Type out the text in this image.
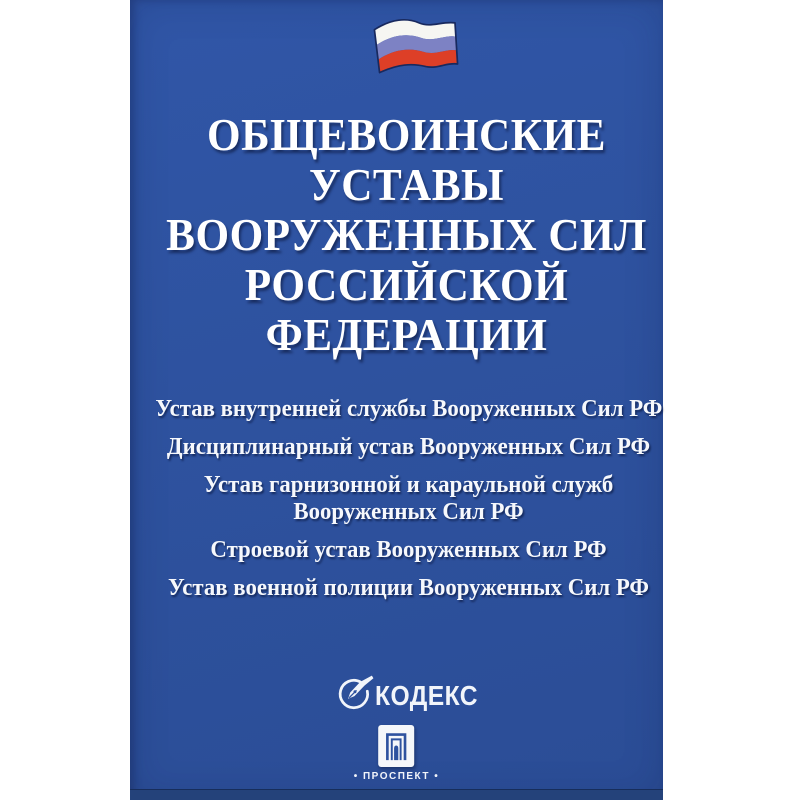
ОБЩЕВОИНСКИЕ
УСТАВЫ
ВООРУЖЕННЫХ СИЛ
РОССИЙСКОЙ
ФЕДЕРАЦИИ
Устав внутренней службы Вооруженных Сил РФ
Дисциплинарный устав Вооруженных Сил РФ
Устав гарнизонной и караульной служб
Вооруженных Сил РФ
Строевой устав Вооруженных Сил РФ
Устав военной полиции Вооруженных Сил РФ
КОДЕКС
• ПРОСПЕКТ •
